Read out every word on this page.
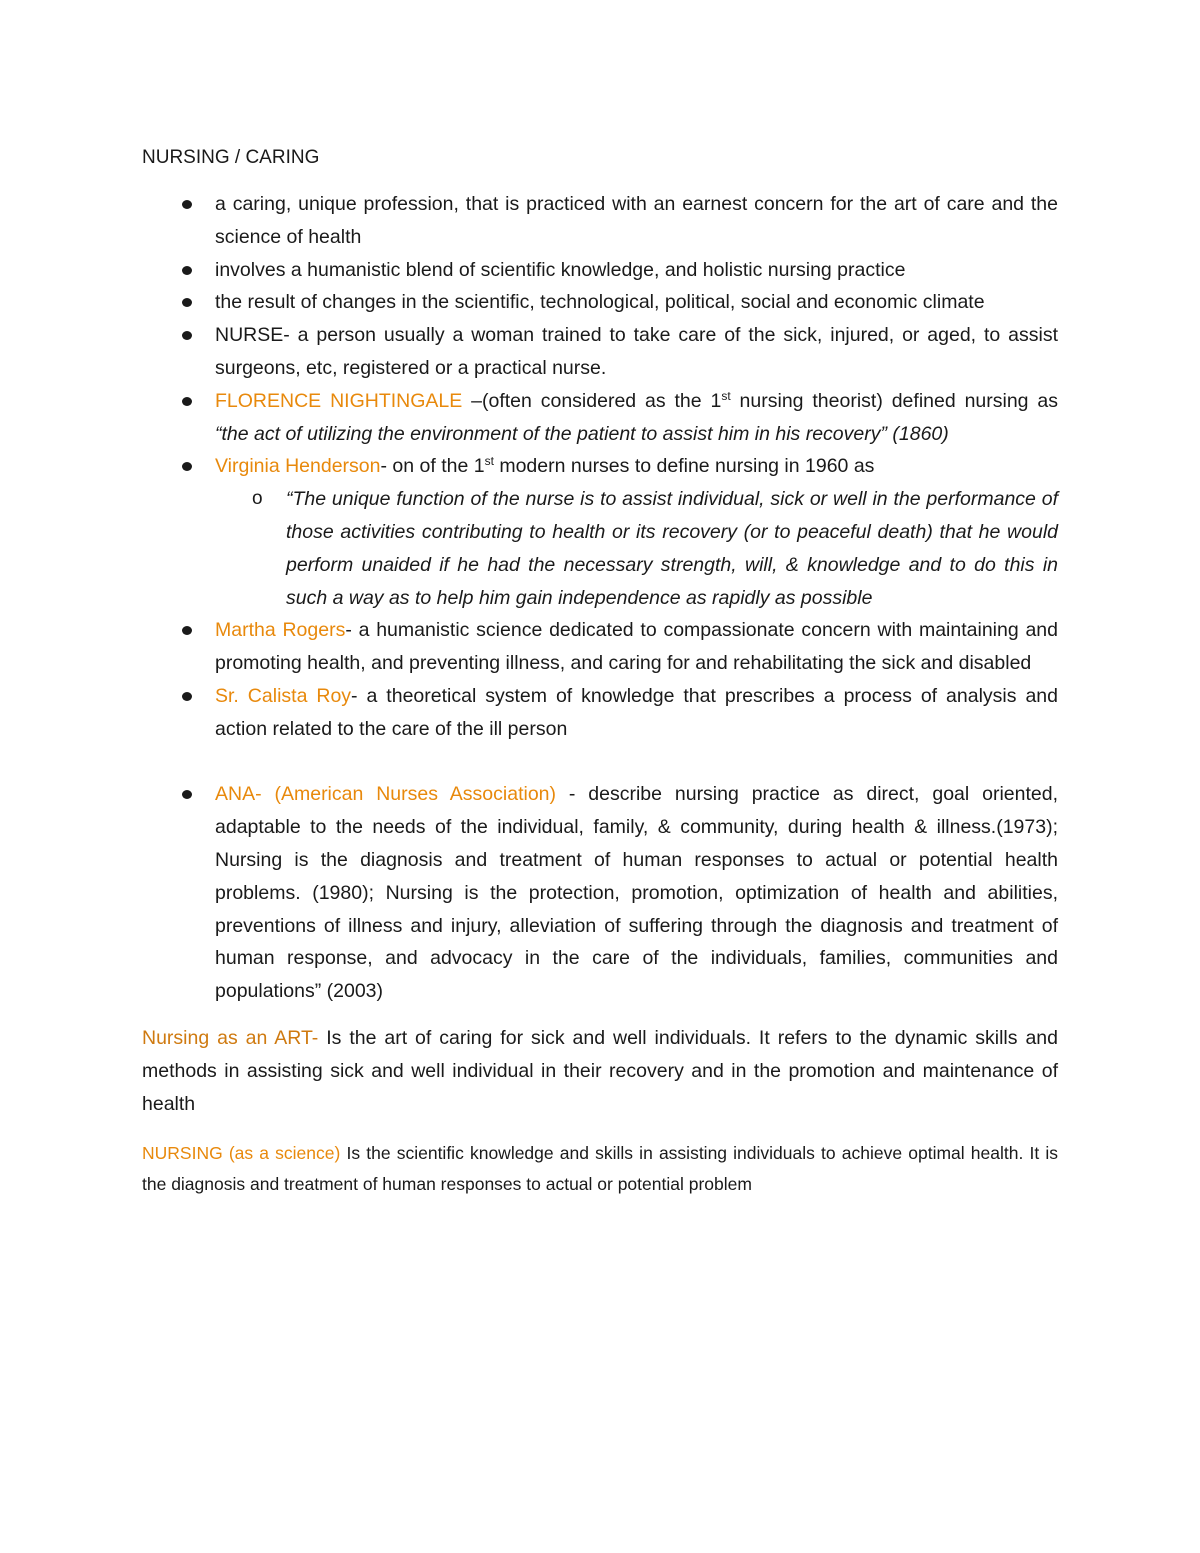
NURSING / CARING
a caring, unique profession, that is practiced with an earnest concern for the art of care and the science of health
involves a humanistic blend of scientific knowledge, and holistic nursing practice
the result of changes in the scientific, technological, political, social and economic climate
NURSE- a person usually a woman trained to take care of the sick, injured, or aged, to assist surgeons, etc, registered or a practical nurse.
FLORENCE NIGHTINGALE –(often considered as the 1st nursing theorist) defined nursing as “the act of utilizing the environment of the patient to assist him in his recovery” (1860)
Virginia Henderson- on of the 1st modern nurses to define nursing in 1960 as
o “The unique function of the nurse is to assist individual, sick or well in the performance of those activities contributing to health or its recovery (or to peaceful death) that he would perform unaided if he had the necessary strength, will, & knowledge and to do this in such a way as to help him gain independence as rapidly as possible
Martha Rogers- a humanistic science dedicated to compassionate concern with maintaining and promoting health, and preventing illness, and caring for and rehabilitating the sick and disabled
Sr. Calista Roy- a theoretical system of knowledge that prescribes a process of analysis and action related to the care of the ill person
ANA- (American Nurses Association) - describe nursing practice as direct, goal oriented, adaptable to the needs of the individual, family, & community, during health & illness.(1973); Nursing is the diagnosis and treatment of human responses to actual or potential health problems. (1980); Nursing is the protection, promotion, optimization of health and abilities, preventions of illness and injury, alleviation of suffering through the diagnosis and treatment of human response, and advocacy in the care of the individuals, families, communities and populations” (2003)

Nursing as an ART- Is the art of caring for sick and well individuals. It refers to the dynamic skills and methods in assisting sick and well individual in their recovery and in the promotion and maintenance of health

NURSING (as a science) Is the scientific knowledge and skills in assisting individuals to achieve optimal health. It is the diagnosis and treatment of human responses to actual or potential problem
